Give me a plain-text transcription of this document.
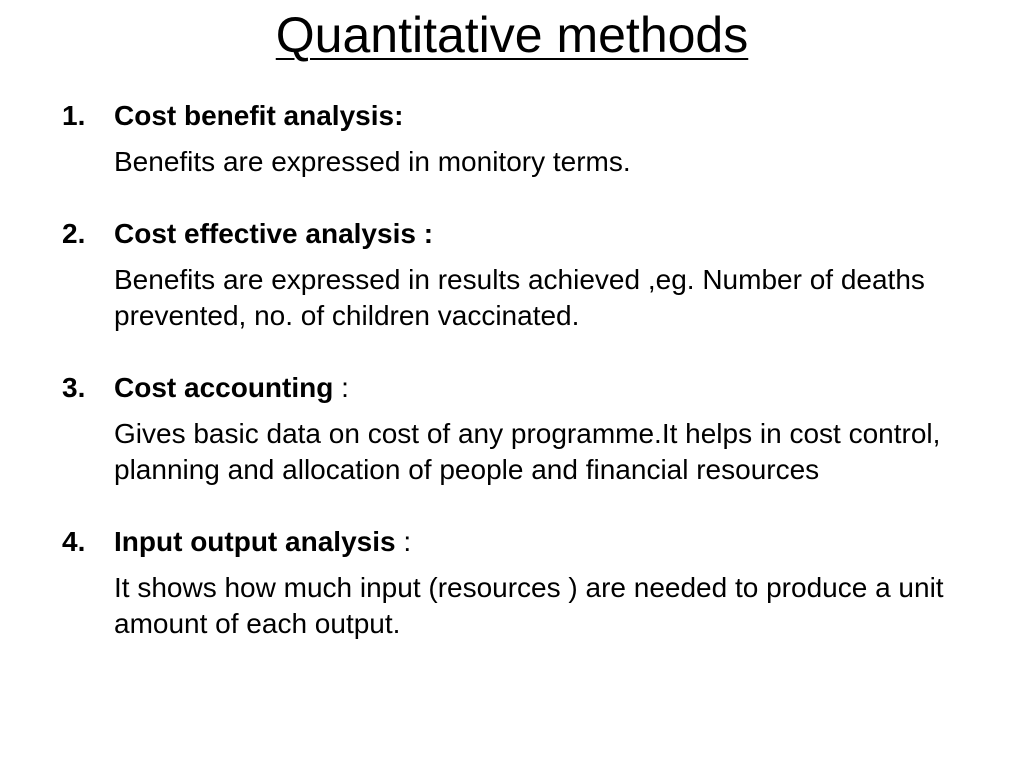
Quantitative methods
1.	Cost benefit analysis:
Benefits are expressed in monitory terms.
2.	Cost effective analysis :
Benefits are expressed in results achieved ,eg. Number of deaths prevented, no. of children vaccinated.
3.	Cost accounting :
Gives basic data on cost of any programme.It helps in cost control, planning and allocation of people and financial resources
4.	Input output analysis :
It shows how much input (resources ) are needed to produce a unit amount of each output.
